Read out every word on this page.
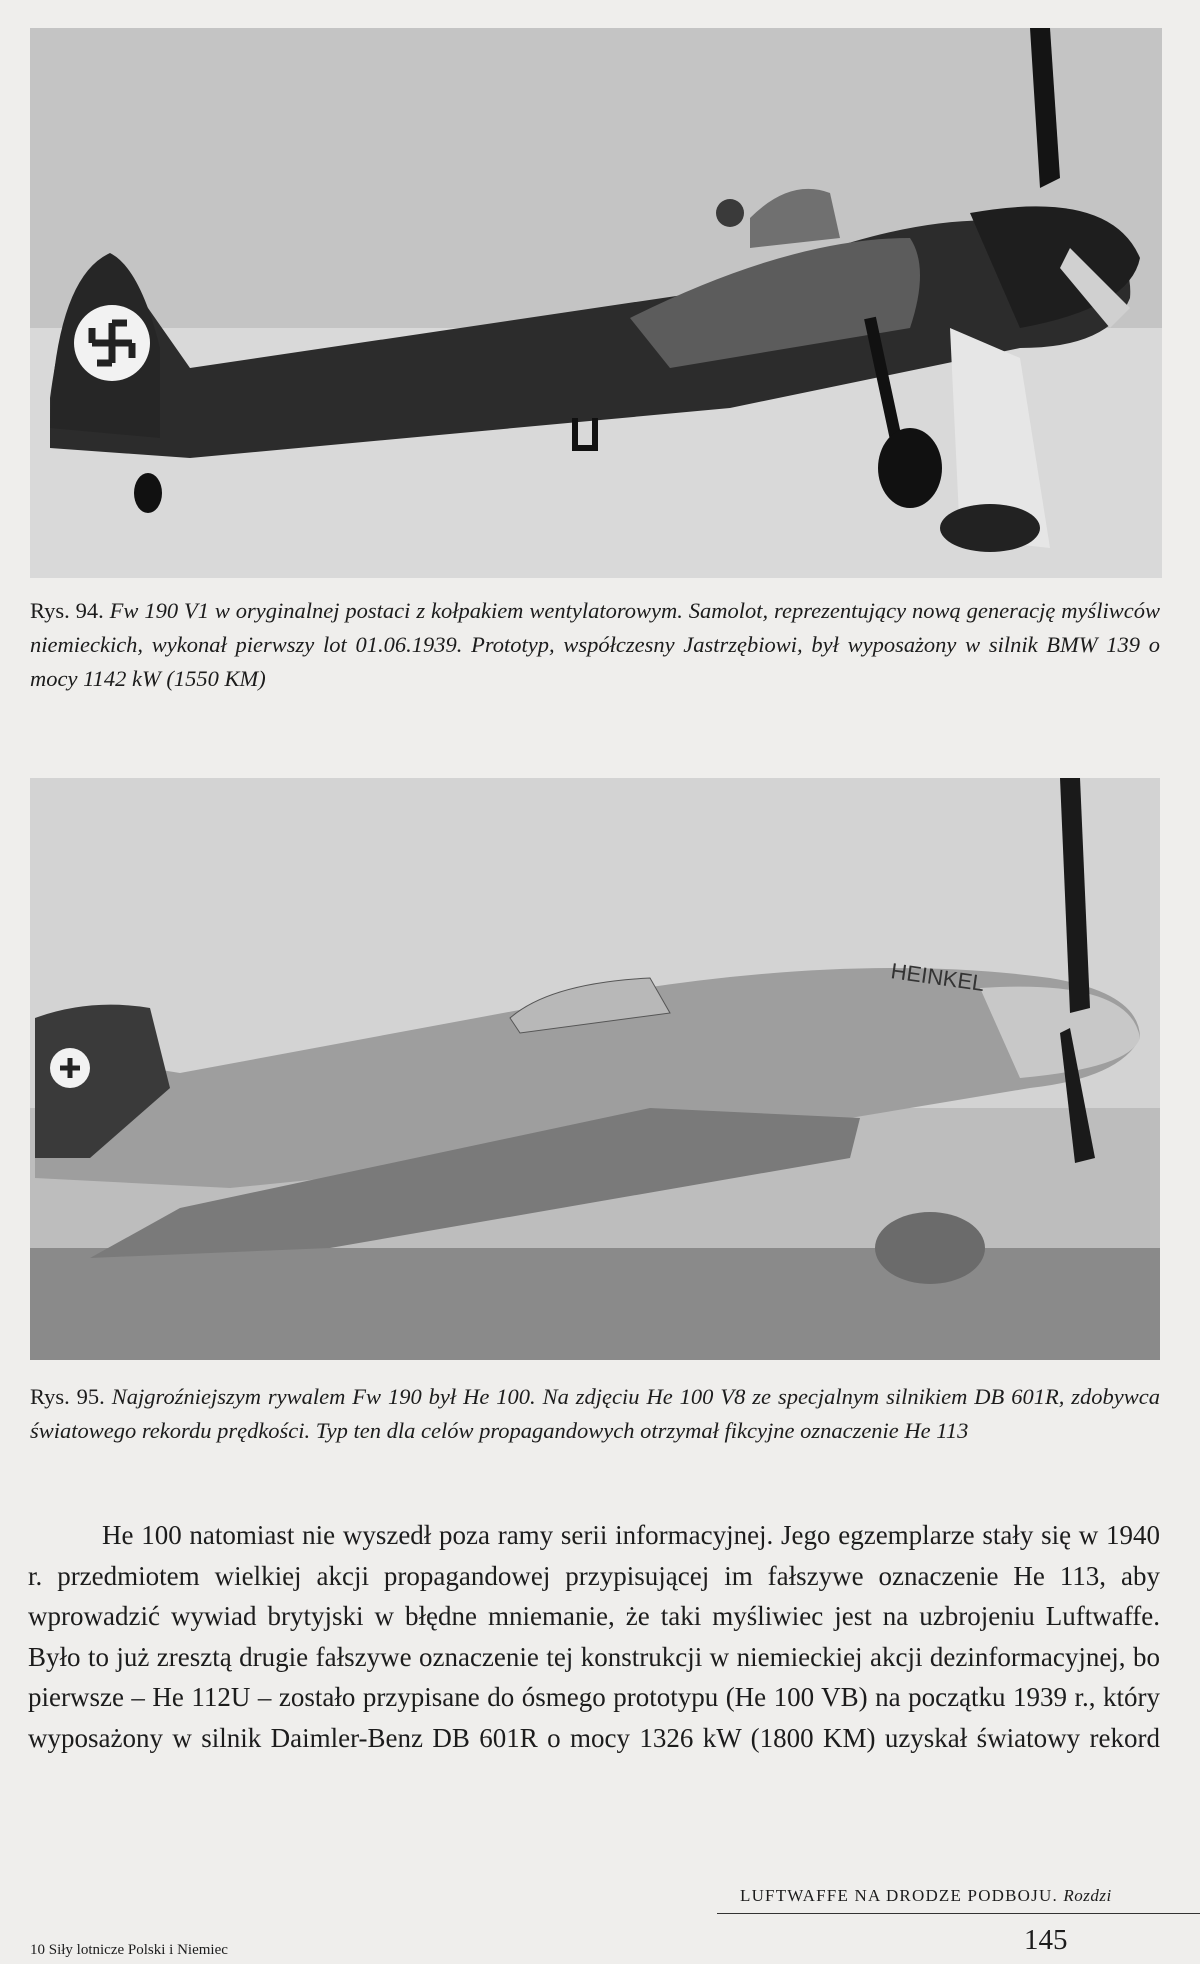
Rys. 94. Fw 190 V1 w oryginalnej postaci z kołpakiem wentylatorowym. Samolot, reprezentujący nową generację myśliwców niemieckich, wykonał pierwszy lot 01.06.1939. Prototyp, współczesny Jastrzębiowi, był wyposażony w silnik BMW 139 o mocy 1142 kW (1550 KM)
HEINKEL
Rys. 95. Najgroźniejszym rywalem Fw 190 był He 100. Na zdjęciu He 100 V8 ze specjalnym silnikiem DB 601R, zdobywca światowego rekordu prędkości. Typ ten dla celów propagandowych otrzymał fikcyjne oznaczenie He 113
He 100 natomiast nie wyszedł poza ramy serii informacyjnej. Jego egzemplarze stały się w 1940 r. przedmiotem wielkiej akcji propagandowej przypisującej im fałszywe oznaczenie He 113, aby wprowadzić wywiad brytyjski w błędne mniemanie, że taki myśliwiec jest na uzbrojeniu Luftwaffe. Było to już zresztą drugie fałszywe oznaczenie tej konstrukcji w niemieckiej akcji dezinformacyjnej, bo pierwsze – He 112U – zostało przypisane do ósmego prototypu (He 100 VB) na początku 1939 r., który wyposażony w silnik Daimler-Benz DB 601R o mocy 1326 kW (1800 KM) uzyskał światowy rekord
LUFTWAFFE NA DRODZE PODBOJU. Rozdzi
10 Siły lotnicze Polski i Niemiec	145
